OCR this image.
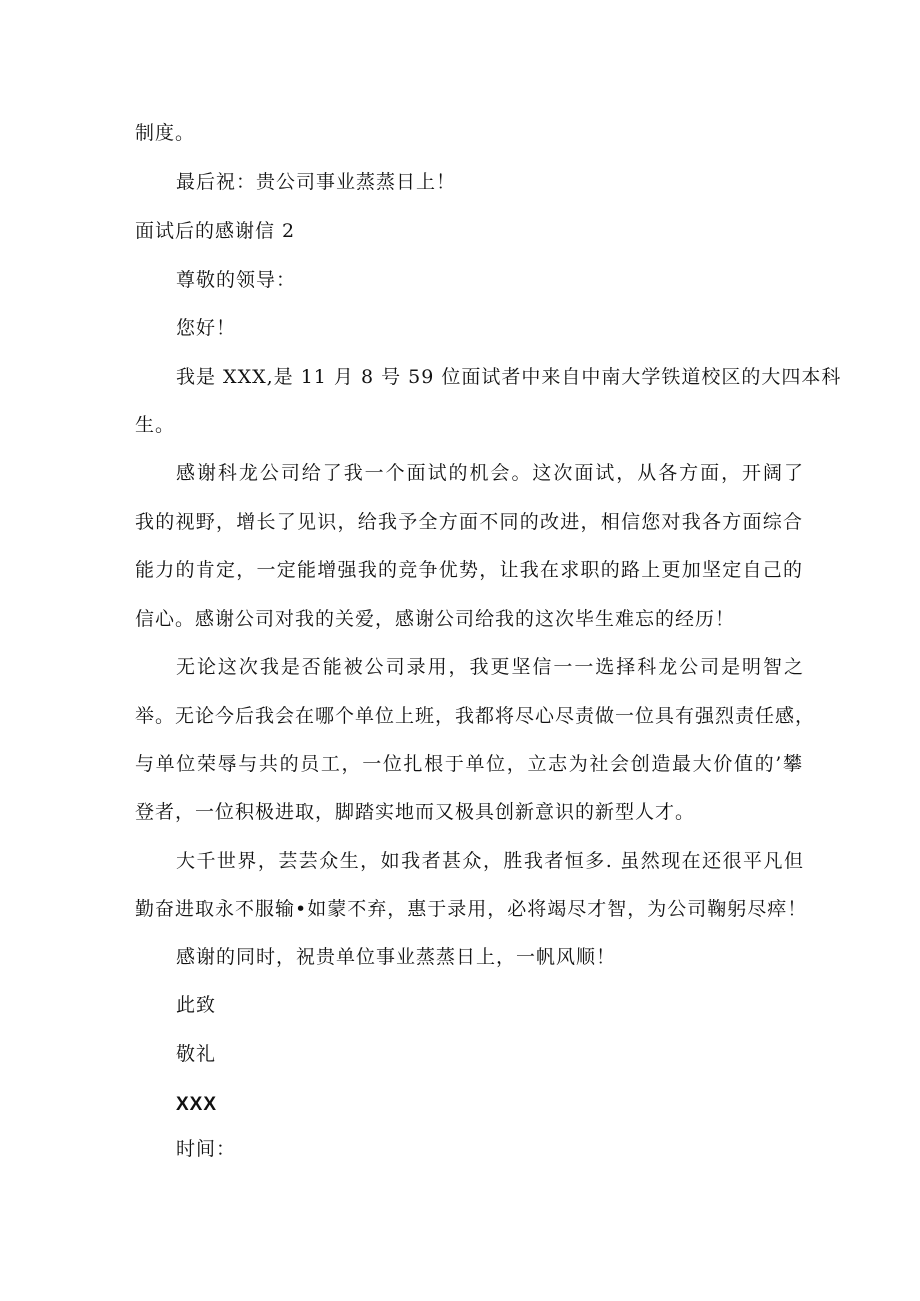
制度。
最后祝：贵公司事业蒸蒸日上！
面试后的感谢信 2
尊敬的领导：
您好！
我是 XXX,是 11 月 8 号 59 位面试者中来自中南大学铁道校区的大四本科
生。
感谢科龙公司给了我一个面试的机会。这次面试，从各方面，开阔了
我的视野，增长了见识，给我予全方面不同的改进，相信您对我各方面综合
能力的肯定，一定能增强我的竞争优势，让我在求职的路上更加坚定自己的
信心。感谢公司对我的关爱，感谢公司给我的这次毕生难忘的经历！
无论这次我是否能被公司录用，我更坚信一一选择科龙公司是明智之
举。无论今后我会在哪个单位上班，我都将尽心尽责做一位具有强烈责任感，
与单位荣辱与共的员工，一位扎根于单位，立志为社会创造最大价值的’攀
登者，一位积极进取，脚踏实地而又极具创新意识的新型人才。
大千世界，芸芸众生，如我者甚众，胜我者恒多. 虽然现在还很平凡但
勤奋进取永不服输•如蒙不弃，惠于录用，必将竭尽才智，为公司鞠躬尽瘁！
感谢的同时，祝贵单位事业蒸蒸日上，一帆风顺！
此致
敬礼
XXX
时间：
